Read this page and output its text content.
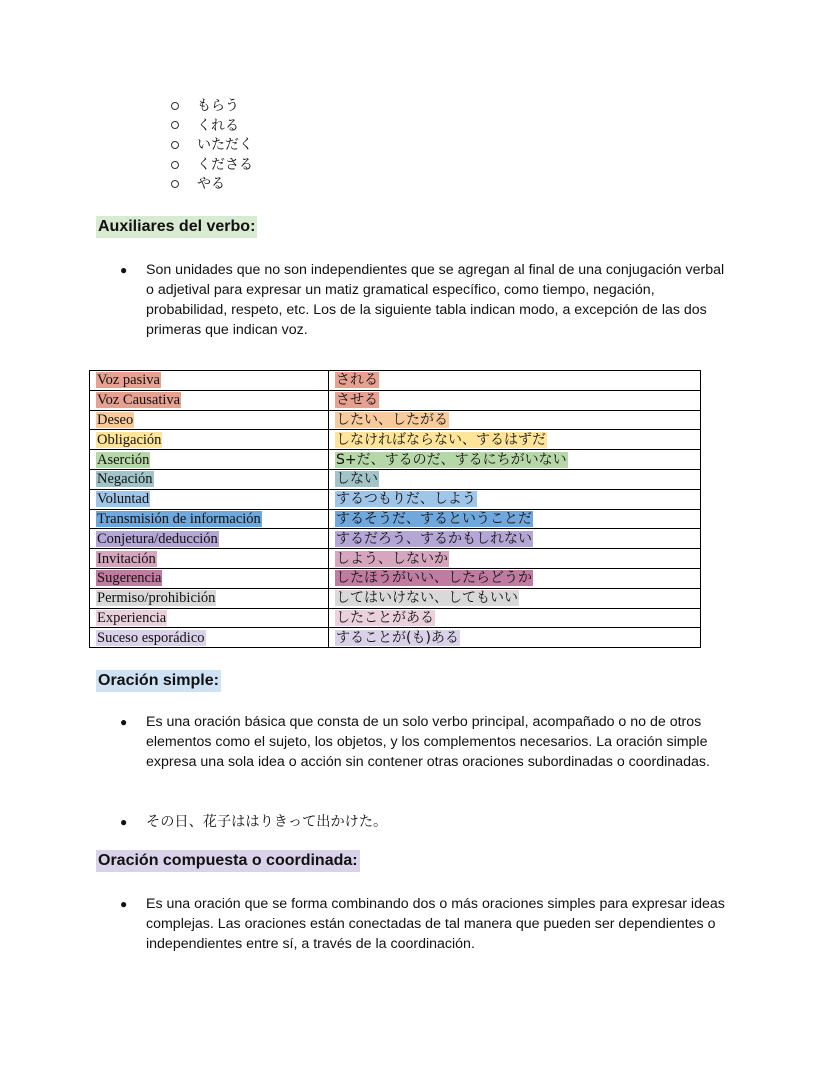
もらう
くれる
いただく
くださる
やる
Auxiliares del verbo:
●	Son unidades que no son independientes que se agregan al final de una conjugación verbal o adjetival para expresar un matiz gramatical específico, como tiempo, negación, probabilidad, respeto, etc. Los de la siguiente tabla indican modo, a excepción de las dos primeras que indican voz.
Voz pasiva	される
Voz Causativa	させる
Deseo	したい、したがる
Obligación	しなければならない、するはずだ
Aserción	S+だ、するのだ、するにちがいない
Negación	しない
Voluntad	するつもりだ、しよう
Transmisión de información	するそうだ、するということだ
Conjetura/deducción	するだろう、するかもしれない
Invitación	しよう、しないか
Sugerencia	したほうがいい、したらどうか
Permiso/prohibición	してはいけない、してもいい
Experiencia	したことがある
Suceso esporádico	することが(も)ある
Oración simple:
●	Es una oración básica que consta de un solo verbo principal, acompañado o no de otros elementos como el sujeto, los objetos, y los complementos necesarios. La oración simple expresa una sola idea o acción sin contener otras oraciones subordinadas o coordinadas.
●	その日、花子ははりきって出かけた。
Oración compuesta o coordinada:
●	Es una oración que se forma combinando dos o más oraciones simples para expresar ideas complejas. Las oraciones están conectadas de tal manera que pueden ser dependientes o independientes entre sí, a través de la coordinación.
